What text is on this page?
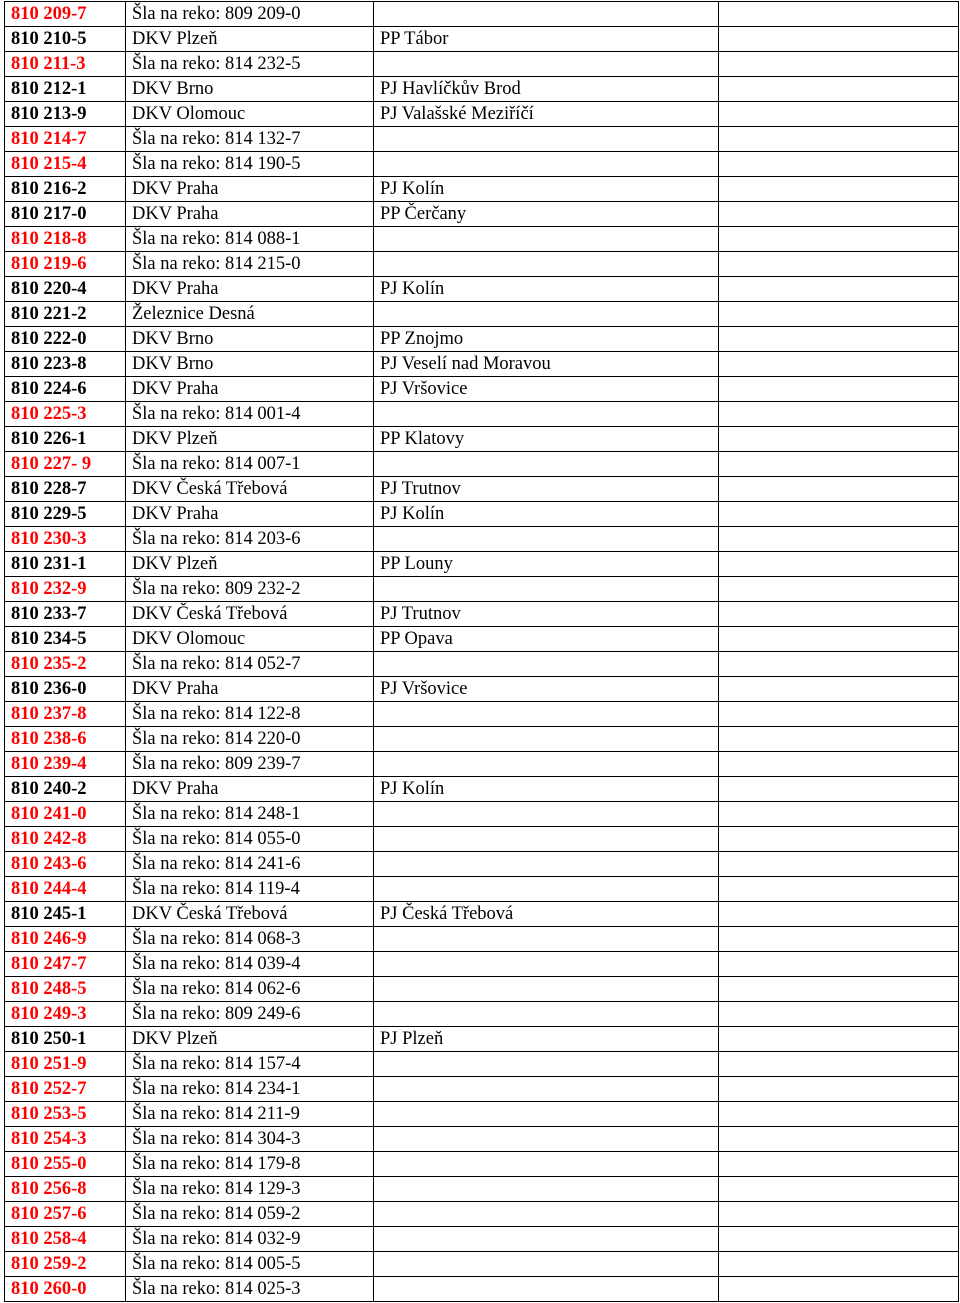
810 209-7	Šla na reko: 809 209-0		
810 210-5	DKV Plzeň	PP Tábor	
810 211-3	Šla na reko: 814 232-5		
810 212-1	DKV Brno	PJ Havlíčkův Brod	
810 213-9	DKV Olomouc	PJ Valašské Meziříčí	
810 214-7	Šla na reko: 814 132-7		
810 215-4	Šla na reko: 814 190-5		
810 216-2	DKV Praha	PJ Kolín	
810 217-0	DKV Praha	PP Čerčany	
810 218-8	Šla na reko: 814 088-1		
810 219-6	Šla na reko: 814 215-0		
810 220-4	DKV Praha	PJ Kolín	
810 221-2	Železnice Desná		
810 222-0	DKV Brno	PP Znojmo	
810 223-8	DKV Brno	PJ Veselí nad Moravou	
810 224-6	DKV Praha	PJ Vršovice	
810 225-3	Šla na reko: 814 001-4		
810 226-1	DKV Plzeň	PP Klatovy	
810 227- 9	Šla na reko: 814 007-1		
810 228-7	DKV Česká Třebová	PJ Trutnov	
810 229-5	DKV Praha	PJ Kolín	
810 230-3	Šla na reko: 814 203-6		
810 231-1	DKV Plzeň	PP Louny	
810 232-9	Šla na reko: 809 232-2		
810 233-7	DKV Česká Třebová	PJ Trutnov	
810 234-5	DKV Olomouc	PP Opava	
810 235-2	Šla na reko: 814 052-7		
810 236-0	DKV Praha	PJ Vršovice	
810 237-8	Šla na reko: 814 122-8		
810 238-6	Šla na reko: 814 220-0		
810 239-4	Šla na reko: 809 239-7		
810 240-2	DKV Praha	PJ Kolín	
810 241-0	Šla na reko: 814 248-1		
810 242-8	Šla na reko: 814 055-0		
810 243-6	Šla na reko: 814 241-6		
810 244-4	Šla na reko: 814 119-4		
810 245-1	DKV Česká Třebová	PJ Česká Třebová	
810 246-9	Šla na reko: 814 068-3		
810 247-7	Šla na reko: 814 039-4		
810 248-5	Šla na reko: 814 062-6		
810 249-3	Šla na reko: 809 249-6		
810 250-1	DKV Plzeň	PJ Plzeň	
810 251-9	Šla na reko: 814 157-4		
810 252-7	Šla na reko: 814 234-1		
810 253-5	Šla na reko: 814 211-9		
810 254-3	Šla na reko: 814 304-3		
810 255-0	Šla na reko: 814 179-8		
810 256-8	Šla na reko: 814 129-3		
810 257-6	Šla na reko: 814 059-2		
810 258-4	Šla na reko: 814 032-9		
810 259-2	Šla na reko: 814 005-5		
810 260-0	Šla na reko: 814 025-3		
